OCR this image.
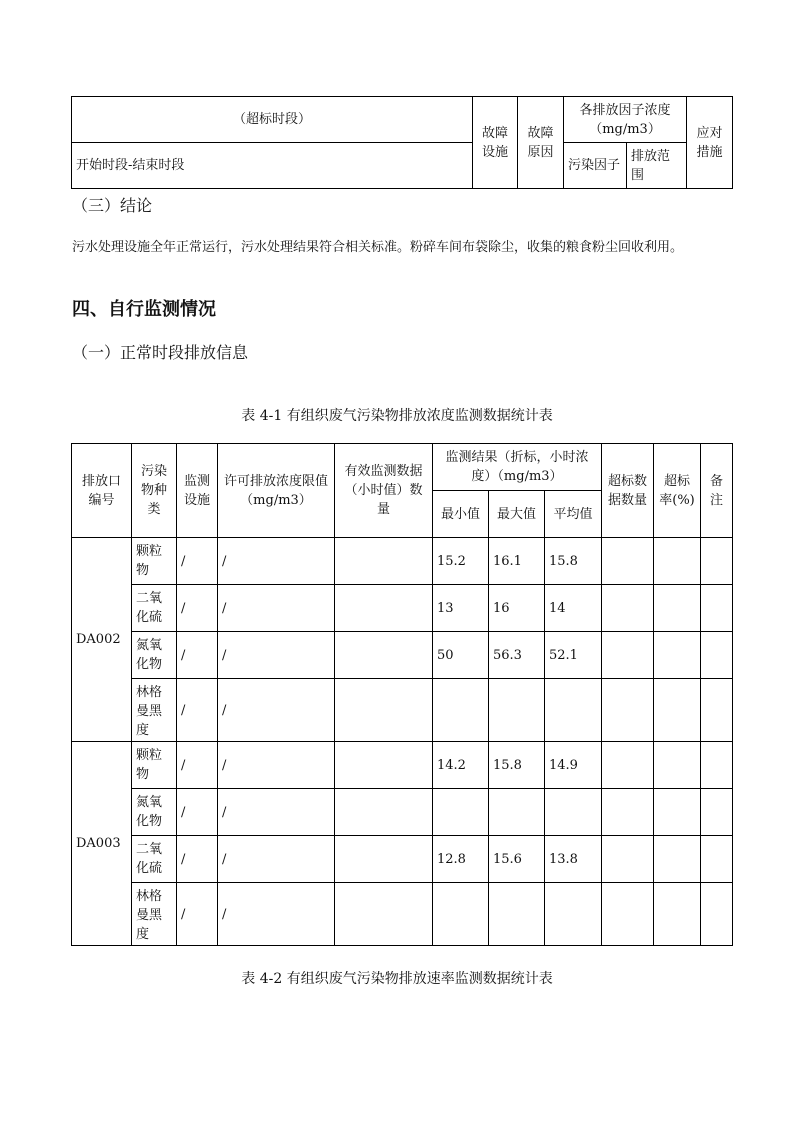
（超标时段）	故障设施	故障原因	各排放因子浓度（mg/m3）		应对措施
开始时段-结束时段			污染因子	排放范围	
（三）结论
污水处理设施全年正常运行，污水处理结果符合相关标准。粉碎车间布袋除尘，收集的粮食粉尘回收利用。
四、自行监测情况
（一）正常时段排放信息
表 4-1 有组织废气污染物排放浓度监测数据统计表
排放口编号	污染物种类	监测设施	许可排放浓度限值（mg/m3）	有效监测数据（小时值）数量	监测结果（折标，小时浓度）（mg/m3）			超标数据数量	超标率(%)	备注
					最小值	最大值	平均值			
DA002	颗粒物	/	/		15.2	16.1	15.8			
	二氧化硫	/	/		13	16	14			
	氮氧化物	/	/		50	56.3	52.1			
	林格曼黑度	/	/							
DA003	颗粒物	/	/		14.2	15.8	14.9			
	氮氧化物	/	/							
	二氧化硫	/	/		12.8	15.6	13.8			
	林格曼黑度	/	/							
表 4-2 有组织废气污染物排放速率监测数据统计表
